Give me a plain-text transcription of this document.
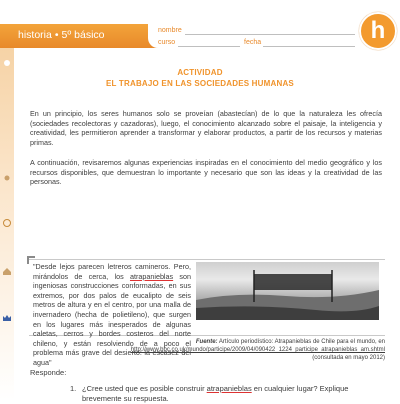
historia • 5º básico	nombre
curso	fecha	h
ACTIVIDAD
EL TRABAJO EN LAS SOCIEDADES HUMANAS
En un principio, los seres humanos solo se proveían (abastecían) de lo que la naturaleza les ofrecía (sociedades recolectoras y cazadoras), luego, el conocimiento alcanzado sobre el paisaje, la inteligencia y creatividad, les permitieron aprender a transformar y elaborar productos, a partir de los recursos y materias primas.
A continuación, revisaremos algunas experiencias inspiradas en el conocimiento del medio geográfico y los recursos disponibles, que demuestran lo importante y necesario que son las ideas y la creatividad de las personas.
"Desde lejos parecen letreros camineros. Pero, mirándolos de cerca, los atrapanieblas son ingeniosas construcciones conformadas, en sus extremos, por dos palos de eucalipto de seis metros de altura y en el centro, por una malla de invernadero (hecha de polietileno), que surgen en los lugares más inesperados de algunas caletas, cerros y bordes costeros del norte chileno, y están resolviendo de a poco el problema más grave del desierto: la escasez del agua"
Fuente: Artículo periodístico: Atrapanieblas de Chile para el mundo, en http://www.bbc.co.uk/mundo/participe/2009/04/090422_1224_participe_atrapanieblas_am.shtml (consultada en mayo 2012)
Responde:
1. ¿Cree usted que es posible construir atrapanieblas en cualquier lugar? Explique brevemente su respuesta.
